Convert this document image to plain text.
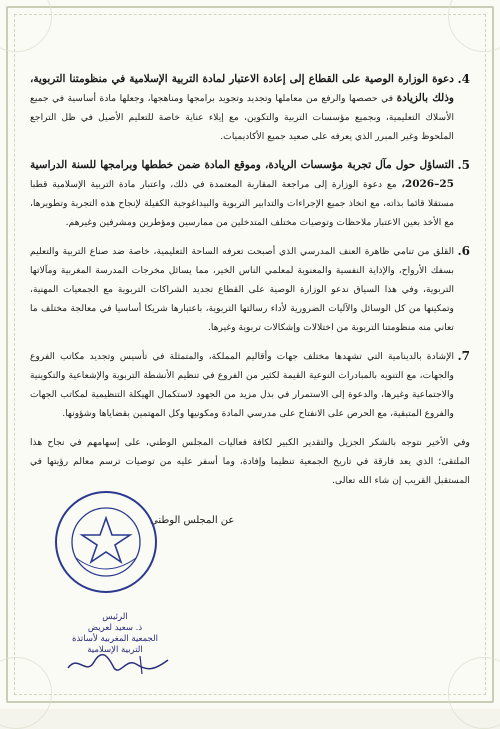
4.

دعوة الوزارة الوصية على القطاع إلى إعادة الاعتبار لمادة التربية الإسلامية في منظومتنا التربوية، وذلك بالزيادة في حصصها والرفع من معاملها وتجديد وتجويد برامجها ومناهجها، وجعلها مادة أساسية في جميع الأسلاك التعليمية، وبجميع مؤسسات التربية والتكوين، مع إيلاء عناية خاصة للتعليم الأصيل في ظل التراجع الملحوظ وغير المبرر الذي يعرفه على صعيد جميع الأكاديميات.

5.

التساؤل حول مآل تجربة مؤسسات الريادة، وموقع المادة ضمن خططها وبرامجها للسنة الدراسية 25–2026، مع دعوة الوزارة إلى مراجعة المقاربة المعتمدة في ذلك، واعتبار مادة التربية الإسلامية قطبا مستقلا قائما بذاته، مع اتخاذ جميع الإجراءات والتدابير التربوية والبيداغوجية الكفيلة لإنجاح هذه التجربة وتطويرها، مع الأخذ بعين الاعتبار ملاحظات وتوصيات مختلف المتدخلين من ممارسين ومؤطرين ومشرفين وغيرهم.

6.

القلق من تنامي ظاهرة العنف المدرسي الذي أصبحت تعرفه الساحة التعليمية، خاصة ضد صناع التربية والتعليم بسفك الأرواح، والإذاية النفسية والمعنوية لمعلمي الناس الخير، مما يسائل مخرجات المدرسة المغربية ومآلاتها التربوية، وفي هذا السياق ندعو الوزارة الوصية على القطاع تجديد الشراكات التربوية مع الجمعيات المهنية، وتمكينها من كل الوسائل والآليات الضرورية لأداء رسالتها التربوية، باعتبارها شريكا أساسيا في معالجة مختلف ما تعاني منه منظومتنا التربوية من اختلالات وإشكالات تربوية وغيرها.

7.

الإشادة بالدينامية التي تشهدها مختلف جهات وأقاليم المملكة، والمتمثلة في تأسيس وتجديد مكاتب الفروع والجهات، مع التنويه بالمبادرات النوعية القيمة لكثير من الفروع في تنظيم الأنشطة التربوية والإشعاعية والتكوينية والاجتماعية وغيرها، والدعوة إلى الاستمرار في بذل مزيد من الجهود لاستكمال الهيكلة التنظيمية لمكاتب الجهات والفروع المتبقية، مع الحرص على الانفتاح على مدرسي المادة ومكونيها وكل المهتمين بقضاياها وشؤونها.

وفي الأخير نتوجه بالشكر الجزيل والتقدير الكبير لكافة فعاليات المجلس الوطني، على إسهامهم في نجاح هذا الملتقى؛ الذي يعد فارقة في تاريخ الجمعية تنظيما وإفادة، وما أسفر عليه من توصيات ترسم معالم رؤيتها في المستقبل القريب إن شاء الله تعالى.

عن المجلس الوطني
الرئيس
ذ. سعيد لعريض
الجمعية المغربية لأساتذة
التربية الإسلامية
